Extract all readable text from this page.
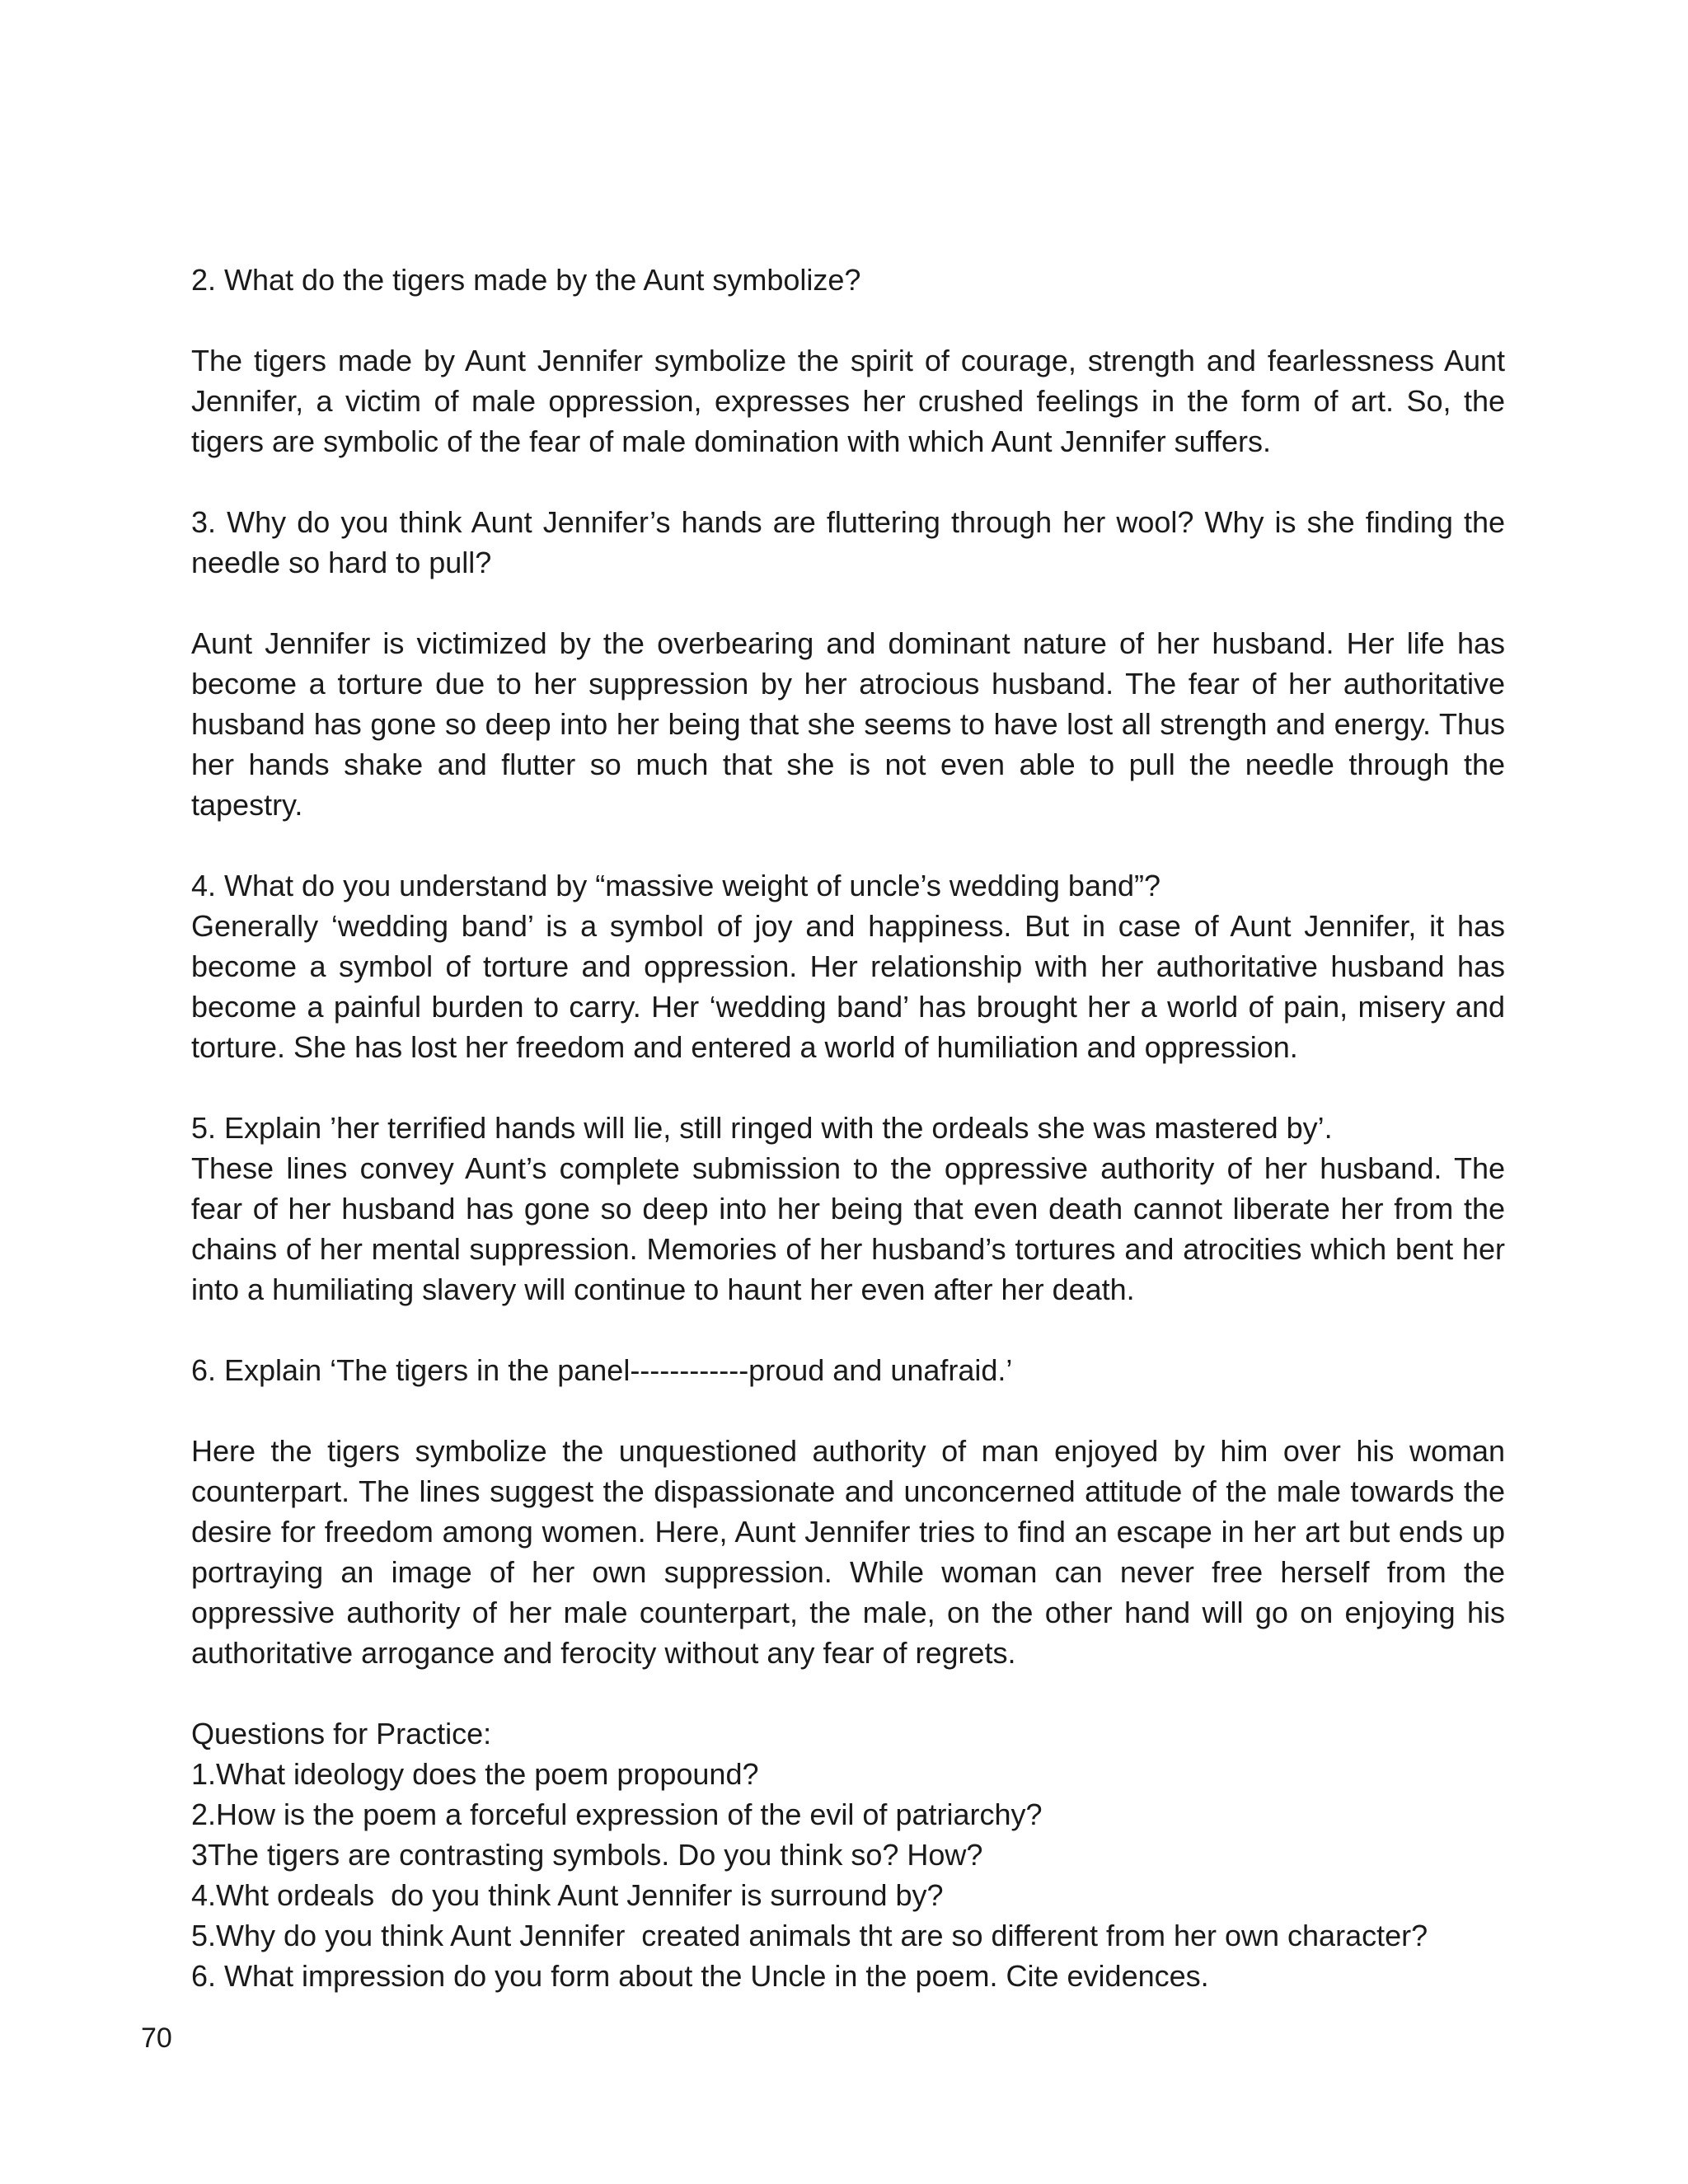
2. What do the tigers made by the Aunt symbolize?

The tigers made by Aunt Jennifer symbolize the spirit of courage, strength and fearlessness Aunt Jennifer, a victim of male oppression, expresses her crushed feelings in the form of art. So, the tigers are symbolic of the fear of male domination with which Aunt Jennifer suffers.

3. Why do you think Aunt Jennifer’s hands are fluttering through her wool? Why is she finding the needle so hard to pull?

Aunt Jennifer is victimized by the overbearing and dominant nature of her husband. Her life has become a torture due to her suppression by her atrocious husband. The fear of her authoritative husband has gone so deep into her being that she seems to have lost all strength and energy. Thus her hands shake and flutter so much that she is not even able to pull the needle through the tapestry.

4. What do you understand by “massive weight of uncle’s wedding band”?

Generally ‘wedding band’ is a symbol of joy and happiness. But in case of Aunt Jennifer, it has become a symbol of torture and oppression. Her relationship with her authoritative husband has become a painful burden to carry. Her ‘wedding band’ has brought her a world of pain, misery and torture. She has lost her freedom and entered a world of humiliation and oppression.

5. Explain ’her terrified hands will lie, still ringed with the ordeals she was mastered by’.

These lines convey Aunt’s complete submission to the oppressive authority of her husband. The fear of her husband has gone so deep into her being that even death cannot liberate her from the chains of her mental suppression. Memories of her husband’s tortures and atrocities which bent her into a humiliating slavery will continue to haunt her even after her death.

6. Explain ‘The tigers in the panel------------proud and unafraid.’

Here the tigers symbolize the unquestioned authority of man enjoyed by him over his woman counterpart. The lines suggest the dispassionate and unconcerned attitude of the male towards the desire for freedom among women. Here, Aunt Jennifer tries to find an escape in her art but ends up portraying an image of her own suppression. While woman can never free herself from the oppressive authority of her male counterpart, the male, on the other hand will go on enjoying his authoritative arrogance and ferocity without any fear of regrets.

Questions for Practice:

1.What ideology does the poem propound?

2.How is the poem a forceful expression of the evil of patriarchy?

3The tigers are contrasting symbols. Do you think so? How?

4.Wht ordeals  do you think Aunt Jennifer is surround by?

5.Why do you think Aunt Jennifer  created animals tht are so different from her own character?

6. What impression do you form about the Uncle in the poem. Cite evidences.

70
